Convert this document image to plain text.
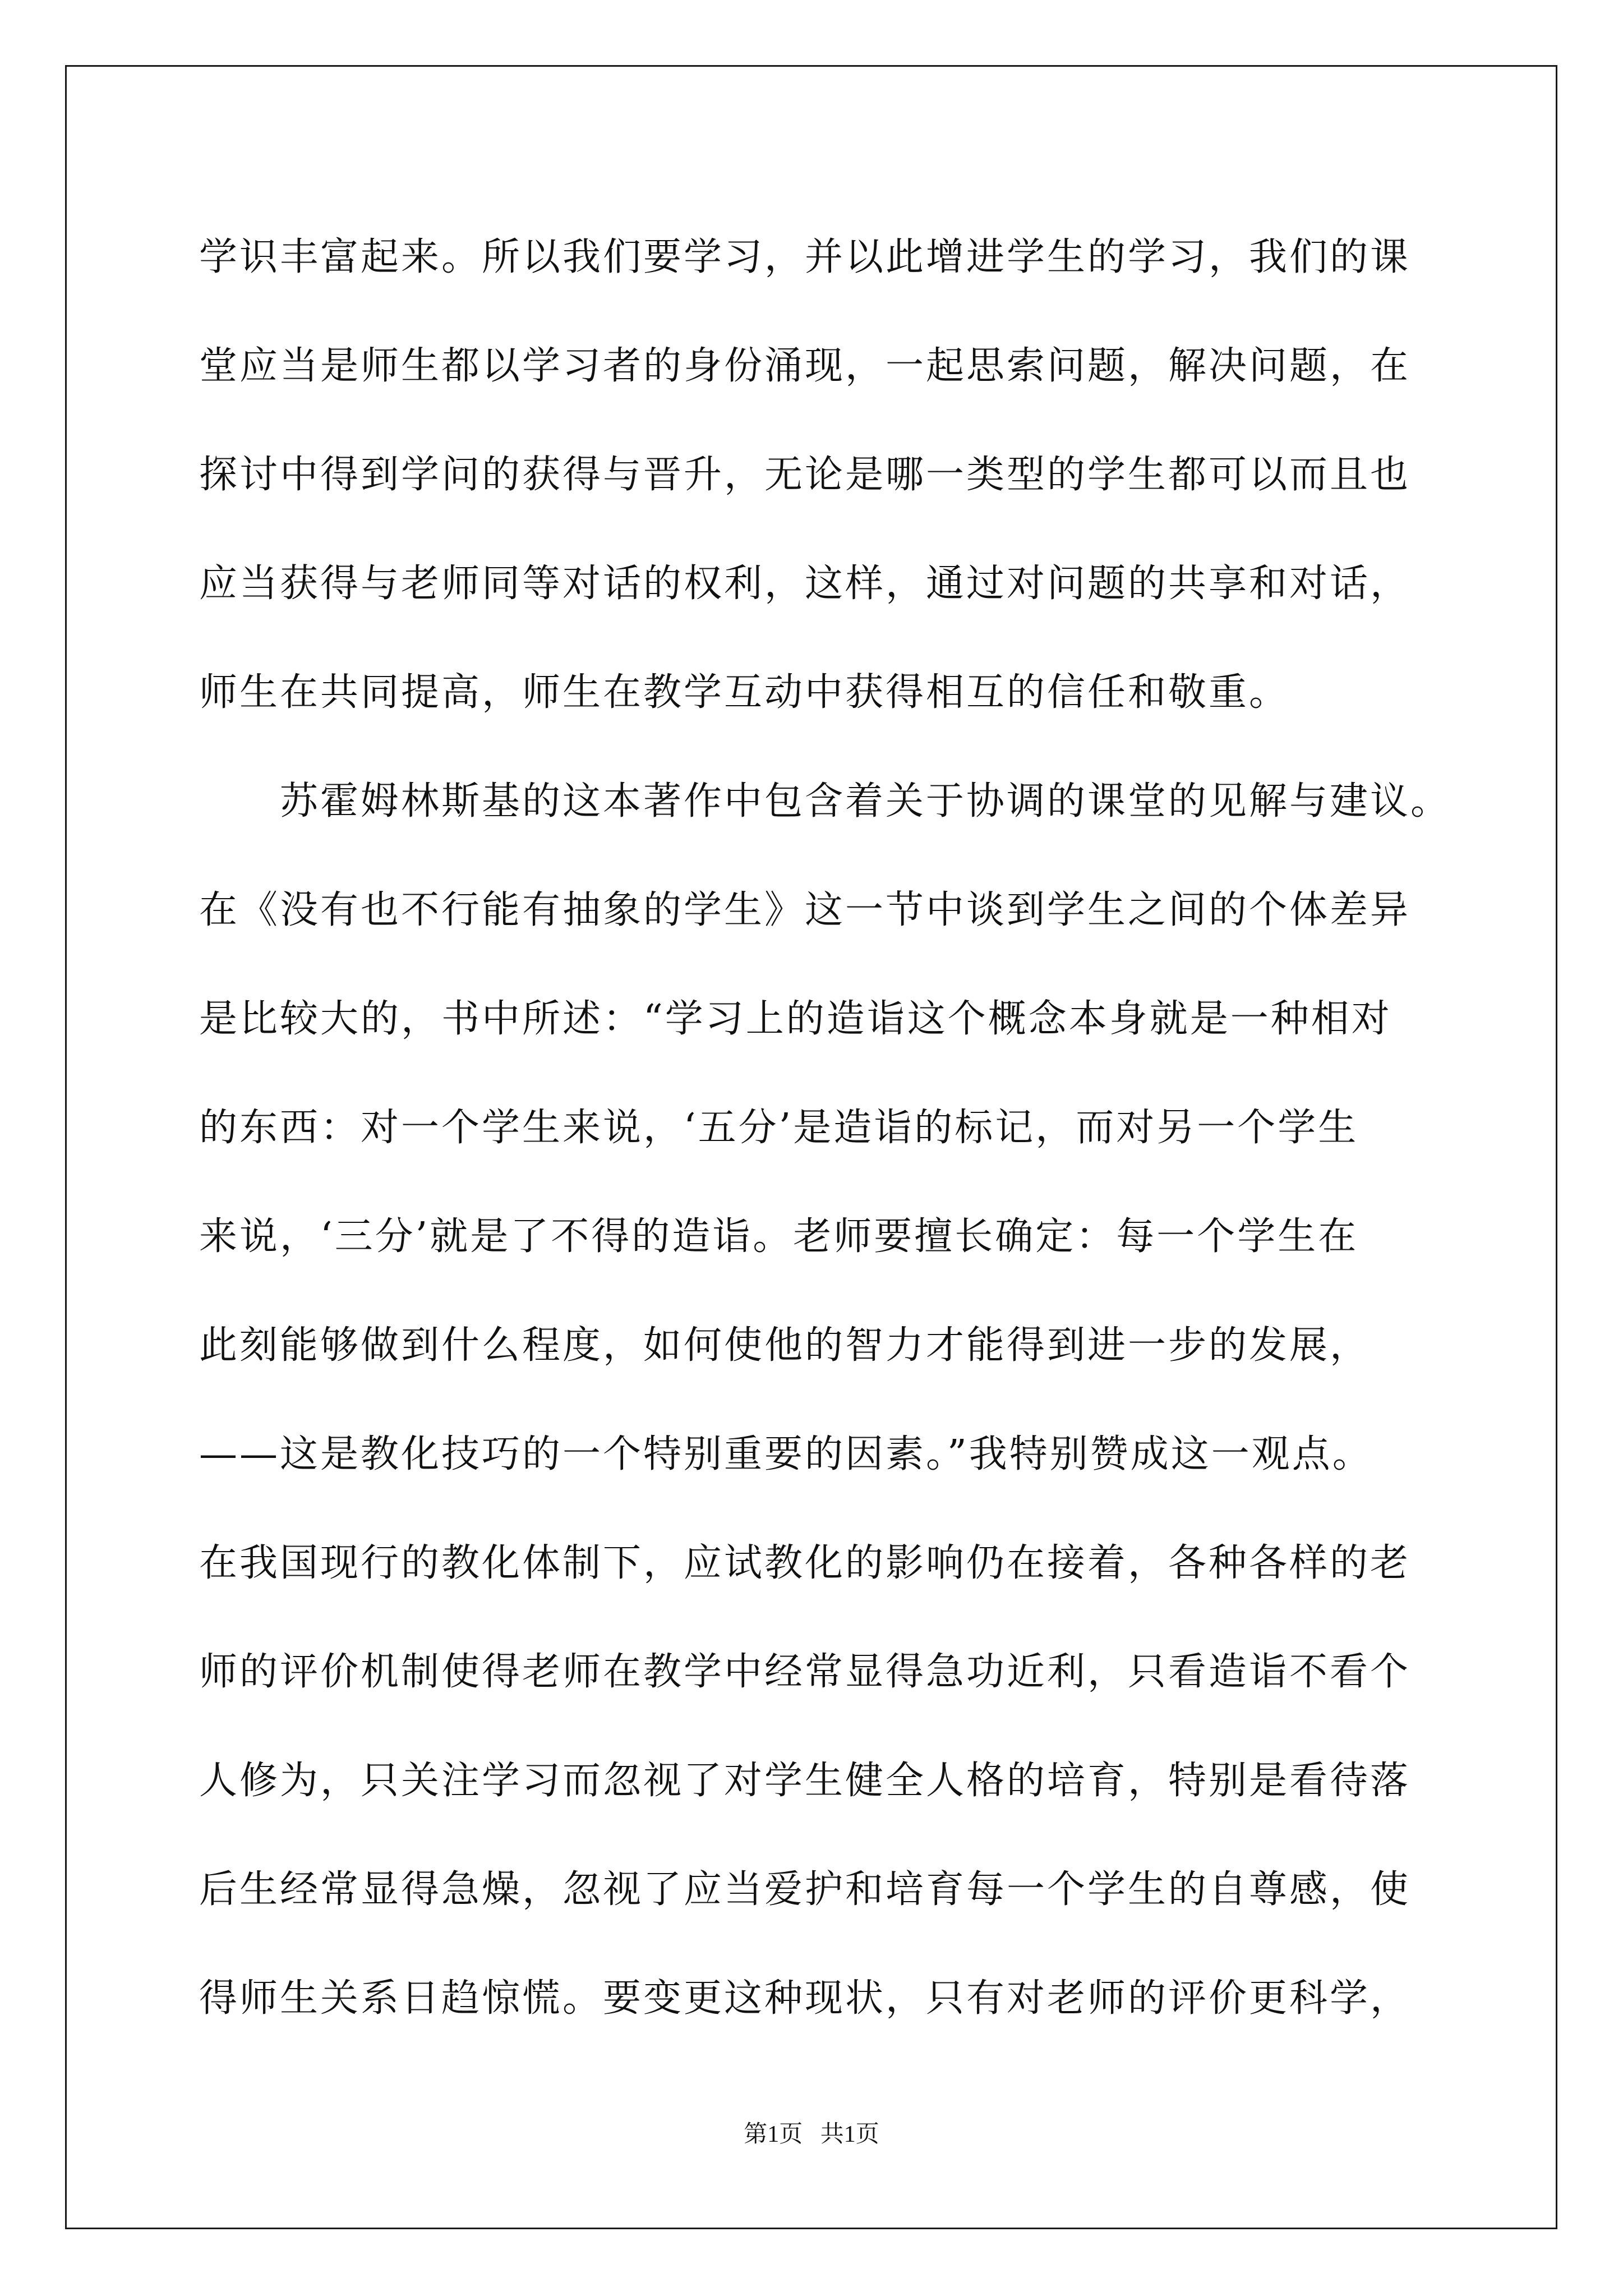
学识丰富起来。所以我们要学习，并以此增进学生的学习，我们的课
堂应当是师生都以学习者的身份涌现，一起思索问题，解决问题，在
探讨中得到学问的获得与晋升，无论是哪一类型的学生都可以而且也
应当获得与老师同等对话的权利，这样，通过对问题的共享和对话，
师生在共同提高，师生在教学互动中获得相互的信任和敬重。
苏霍姆林斯基的这本著作中包含着关于协调的课堂的见解与建议。
在《没有也不行能有抽象的学生》这一节中谈到学生之间的个体差异
是比较大的，书中所述：“学习上的造诣这个概念本身就是一种相对
的东西：对一个学生来说，‘五分’是造诣的标记，而对另一个学生
来说，‘三分’就是了不得的造诣。老师要擅长确定：每一个学生在
此刻能够做到什么程度，如何使他的智力才能得到进一步的发展，
——这是教化技巧的一个特别重要的因素。”我特别赞成这一观点。
在我国现行的教化体制下，应试教化的影响仍在接着，各种各样的老
师的评价机制使得老师在教学中经常显得急功近利，只看造诣不看个
人修为，只关注学习而忽视了对学生健全人格的培育，特别是看待落
后生经常显得急燥，忽视了应当爱护和培育每一个学生的自尊感，使
得师生关系日趋惊慌。要变更这种现状，只有对老师的评价更科学，
第1页   共1页
